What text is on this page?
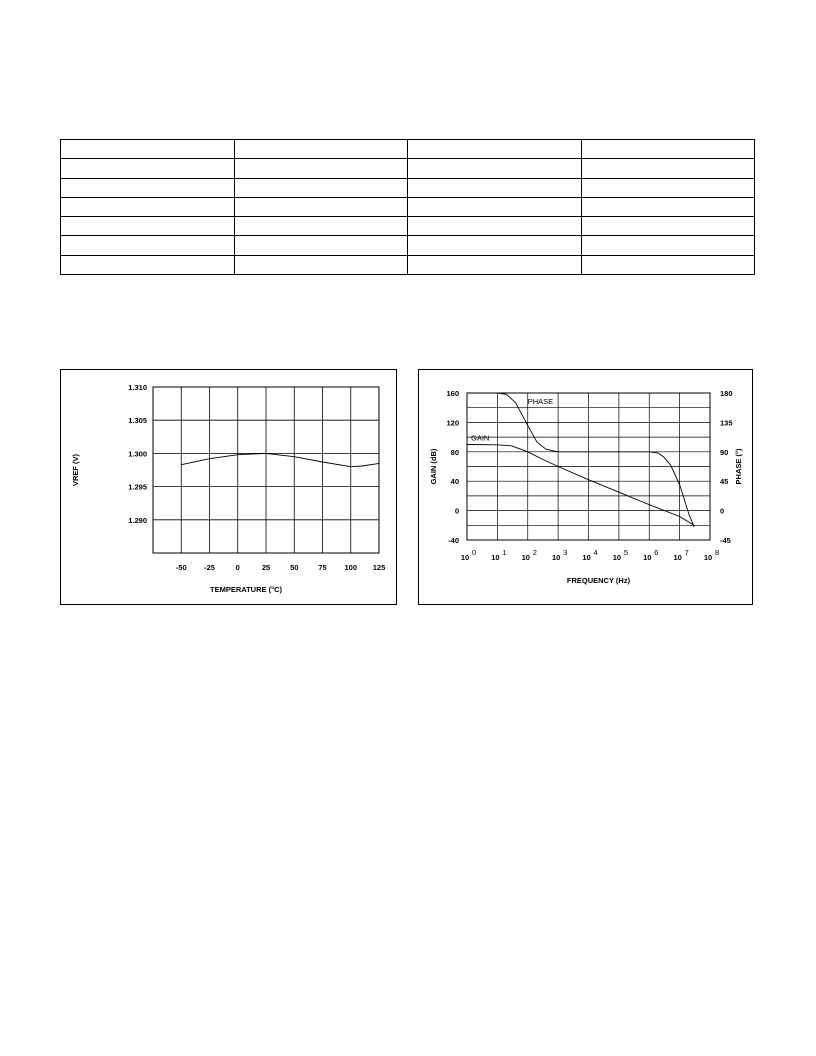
-50 -25	0	25	50	75 100 125
1.310
1.305
1.300
1.295
1.290
TEMPERATURE (°C)
VREF (V)
10
0
10
1
10
2
10
3
10
4
10
5
10
6
10
7
10
8
160
120
80
40
0
-40
180
135
90
45
0
-45
FREQUENCY (Hz)
GAIN (dB)	PHASE (°)
PHASE
GAIN
